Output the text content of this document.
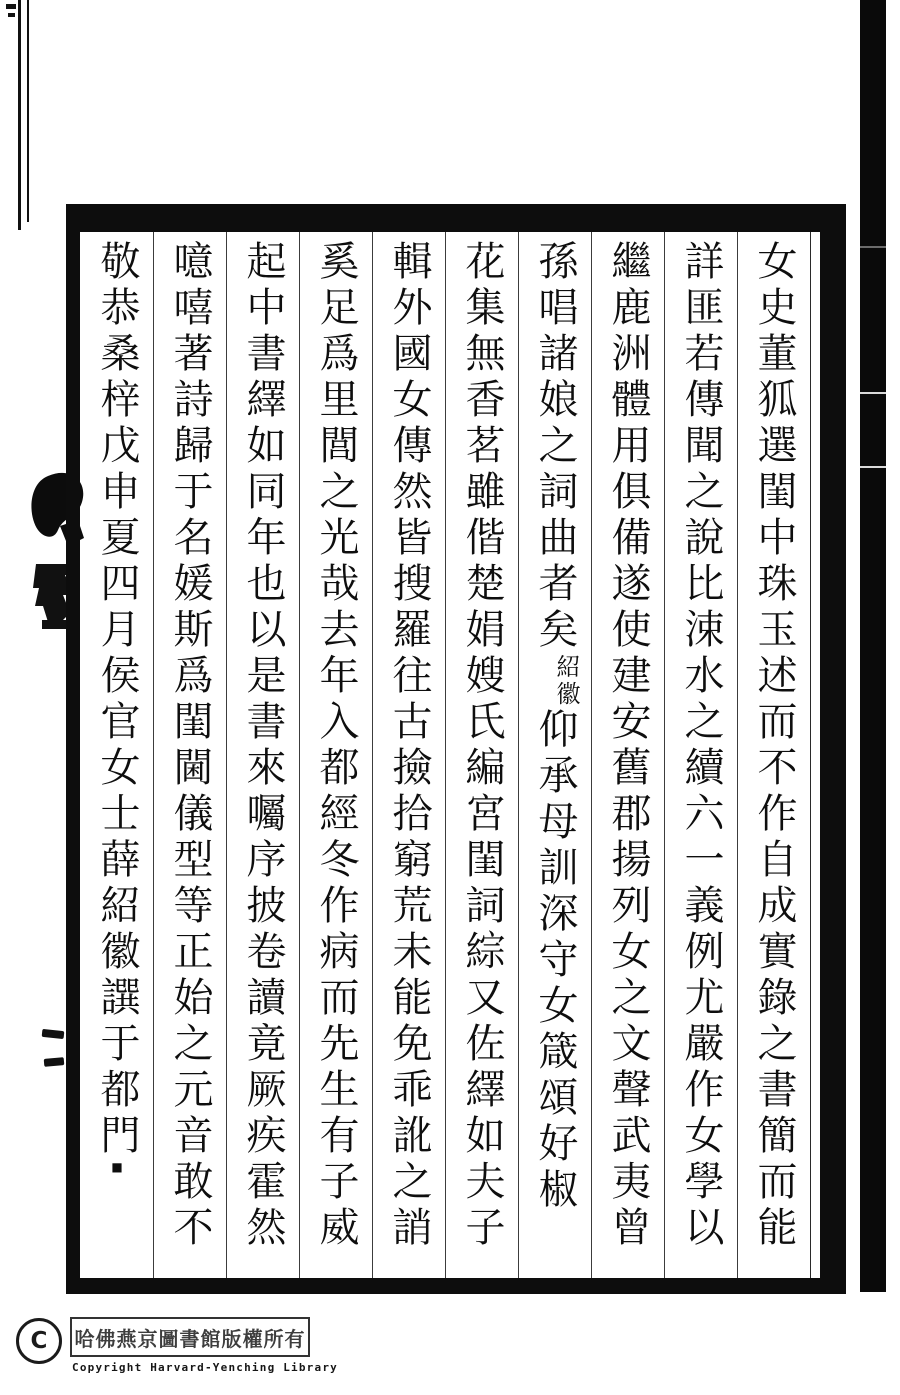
女史董狐選閨中珠玉述而不作自成實錄之書簡而能
詳匪若傳聞之說比涑水之續六一義例尤嚴作女學以
繼鹿洲體用俱備遂使建安舊郡揚列女之文聲武夷曾
孫唱諸娘之詞曲者矣紹徽仰承母訓深守女箴頌好椒
花集無香茗雖偕楚娟嫂氏編宮閨詞綜又佐繹如夫子
輯外國女傳然皆搜羅往古撿拾窮荒未能免乖訛之誚
奚足爲里閭之光哉去年入都經冬作病而先生有子威
起中書繹如同年也以是書來囑序披卷讀竟厥疾霍然
噫嘻著詩歸于名媛斯爲閨閫儀型等正始之元音敢不
敬恭桑梓戊申夏四月侯官女士薛紹徽譔于都門■
C	哈佛燕京圖書館版權所有
Copyright Harvard-Yenching Library
